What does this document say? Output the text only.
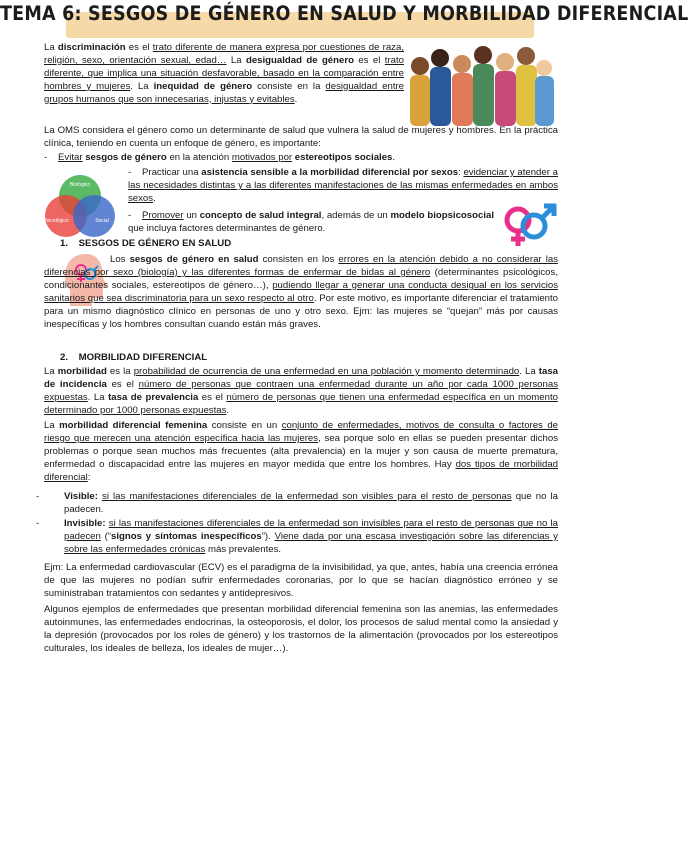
TEMA 6: SESGOS DE GÉNERO EN SALUD Y MORBILIDAD DIFERENCIAL

La discriminación es el trato diferente de manera expresa por cuestiones de raza, religión, sexo, orientación sexual, edad… La desigualdad de género es el trato diferente, que implica una situación desfavorable, basado en la comparación entre hombres y mujeres. La inequidad de género consiste en la desigualdad entre grupos humanos que son innecesarias, injustas y evitables.

La OMS considera el género como un determinante de salud que vulnera la salud de mujeres y hombres. En la práctica clínica, teniendo en cuenta un enfoque de género, es importante:

- Evitar sesgos de género en la atención motivados por estereotipos sociales.

Biológico
Psicológico	Social

- Practicar una asistencia sensible a la morbilidad diferencial por sexos: evidenciar y atender a las necesidades distintas y a las diferentes manifestaciones de las mismas enfermedades en ambos sexos.

- Promover un concepto de salud integral, además de un modelo biopsicosocial que incluya factores determinantes de género.

1.    SESGOS DE GÉNERO EN SALUD

Los sesgos de género en salud consisten en los errores en la atención debido a no considerar las diferencias por sexo (biología) y las diferentes formas de enfermar de bidas al género (determinantes psicológicos, condicionantes sociales, estereotipos de género…), pudiendo llegar a generar una conducta desigual en los servicios sanitarios que sea discriminatoria para un sexo respecto al otro. Por este motivo, es importante diferenciar el tratamiento para un mismo diagnóstico clínico en personas de uno y otro sexo. Ejm: las mujeres se “quejan” más por causas inespecíficas y los hombres consultan cuando están más graves.

2.    MORBILIDAD DIFERENCIAL

La morbilidad es la probabilidad de ocurrencia de una enfermedad en una población y momento determinado. La tasa de incidencia es el número de personas que contraen una enfermedad durante un año por cada 1000 personas expuestas. La tasa de prevalencia es el número de personas que tienen una enfermedad específica en un momento determinado por 1000 personas expuestas.

La morbilidad diferencial femenina consiste en un conjunto de enfermedades, motivos de consulta o factores de riesgo que merecen una atención específica hacia las mujeres, sea porque solo en ellas se pueden presentar dichos problemas o porque sean muchos más frecuentes (alta prevalencia) en la mujer y son causa de muerte prematura, enfermedad o discapacidad entre las mujeres en mayor medida que entre los hombres. Hay dos tipos de morbilidad diferencial:

-	Visible: si las manifestaciones diferenciales de la enfermedad son visibles para el resto de personas que no la padecen.

-	Invisible: si las manifestaciones diferenciales de la enfermedad son invisibles para el resto de personas que no la padecen (“signos y síntomas inespecíficos”). Viene dada por una escasa investigación sobre las diferencias y sobre las enfermedades crónicas más prevalentes.

Ejm: La enfermedad cardiovascular (ECV) es el paradigma de la invisibilidad, ya que, antes, había una creencia errónea de que las mujeres no podían sufrir enfermedades coronarias, por lo que se hacían diagnóstico erróneo y se suministraban tratamientos con sedantes y antidepresivos.

Algunos ejemplos de enfermedades que presentan morbilidad diferencial femenina son las anemias, las enfermedades autoinmunes, las enfermedades endocrinas, la osteoporosis, el dolor, los procesos de salud mental como la ansiedad y la depresión (provocados por los roles de género) y los trastornos de la alimentación (provocados por los estereotipos culturales, los ideales de belleza, los ideales de mujer…).
